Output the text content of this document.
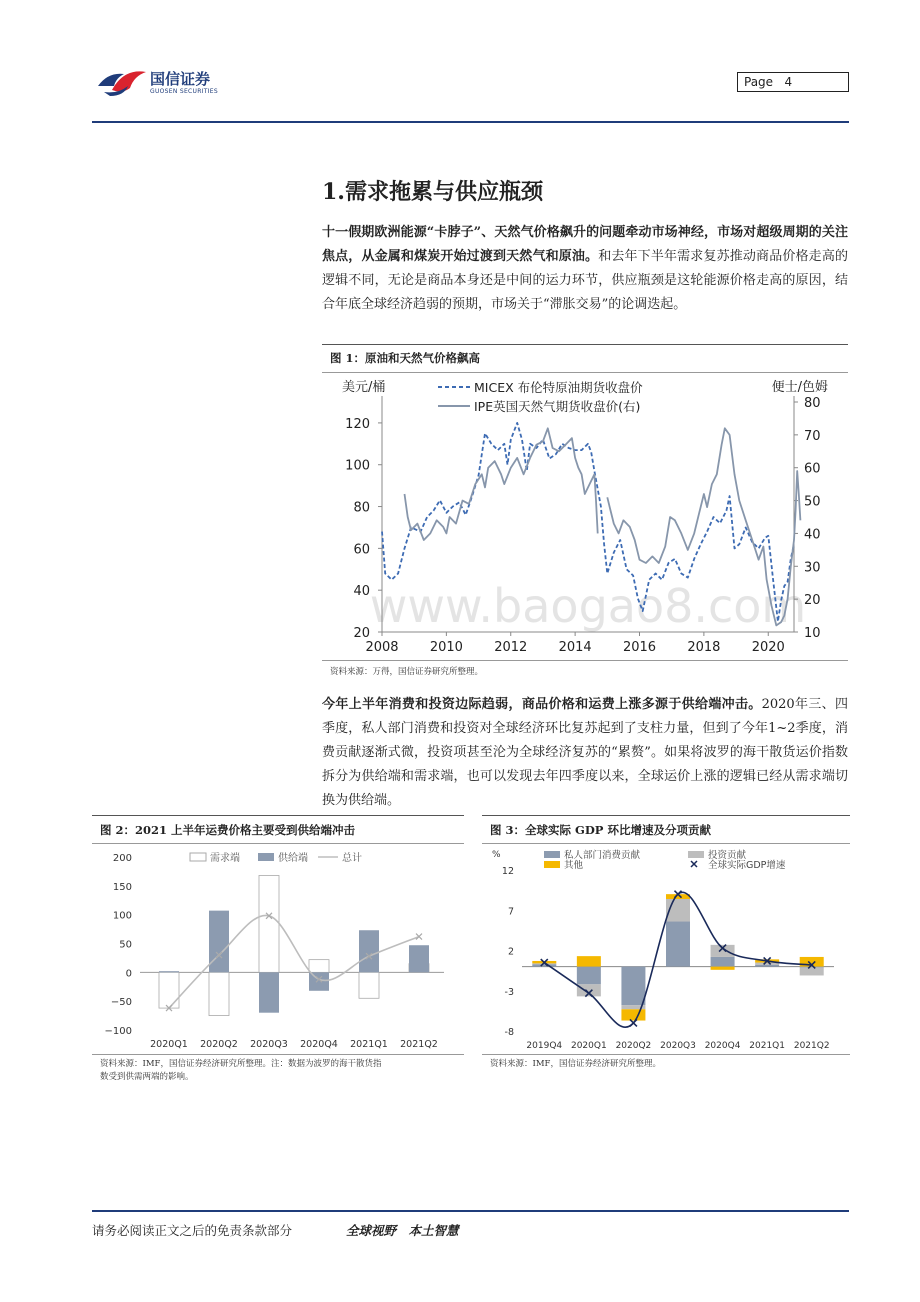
国信证券
GUOSEN SECURITIES
Page 4
1.需求拖累与供应瓶颈
十一假期欧洲能源“卡脖子”、天然气价格飙升的问题牵动市场神经，市场对超级周期的关注焦点，从金属和煤炭开始过渡到天然气和原油。和去年下半年需求复苏推动商品价格走高的逻辑不同，无论是商品本身还是中间的运力环节，供应瓶颈是这轮能源价格走高的原因，结合年底全球经济趋弱的预期，市场关于“滞胀交易”的论调迭起。
图 1：原油和天然气价格飙高
www.baogao8.com
20
40
60
80
100
120
10
20
30
40
50
60
70
80
2008 2010 2012 2014 2016 2018 2020
美元/桶	便士/色姆
MICEX 布伦特原油期货收盘价
IPE英国天然气期货收盘价(右)
资料来源：万得，国信证券研究所整理。
今年上半年消费和投资边际趋弱，商品价格和运费上涨多源于供给端冲击。2020年三、四季度，私人部门消费和投资对全球经济环比复苏起到了支柱力量，但到了今年1~2季度，消费贡献逐渐式微，投资项甚至沦为全球经济复苏的“累赘”。如果将波罗的海干散货运价指数拆分为供给端和需求端，也可以发现去年四季度以来，全球运价上涨的逻辑已经从需求端切换为供给端。
图 2：2021 上半年运费价格主要受到供给端冲击
200
150
100
50
0
−50
−100
2020Q1 2020Q2 2020Q3 2020Q4 2021Q1 2021Q2
需求端	供给端	总计
资料来源：IMF，国信证券经济研究所整理。注：数据为波罗的海干散货指
数受到供需两端的影响。
图 3：全球实际 GDP 环比增速及分项贡献
%
12
7
2
-3
-8
2019Q4 2020Q1 2020Q2 2020Q3 2020Q4 2021Q1 2021Q2
私人部门消费贡献	投资贡献
其他	全球实际GDP增速
资料来源：IMF，国信证券经济研究所整理。
请务必阅读正文之后的免责条款部分	全球视野　本土智慧
